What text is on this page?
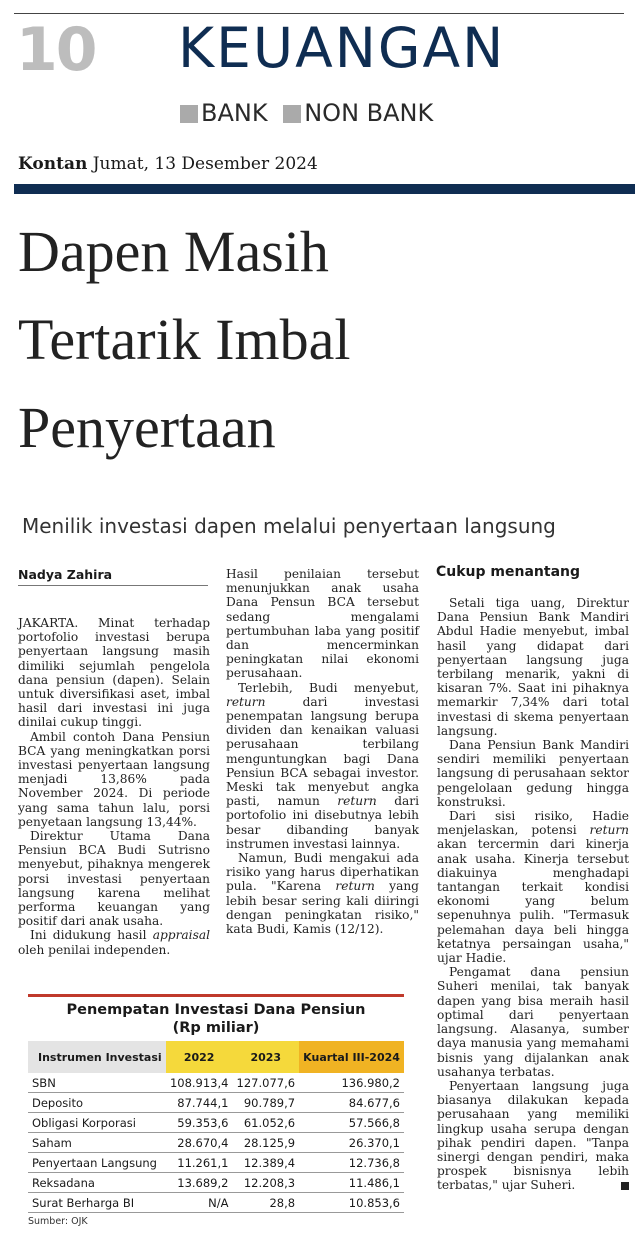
10 KEUANGAN
BANK NON BANK
Kontan Jumat, 13 Desember 2024
Dapen Masih
Tertarik Imbal
Penyertaan
Menilik investasi dapen melalui penyertaan langsung
Nadya Zahira

JAKARTA. Minat terhadap portofolio investasi berupa penyertaan langsung masih dimiliki sejumlah pengelola dana pensiun (dapen). Selain untuk diversifikasi aset, imbal hasil dari investasi ini juga dinilai cukup tinggi.

Ambil contoh Dana Pensiun BCA yang meningkatkan porsi investasi penyertaan langsung menjadi 13,86% pada November 2024. Di periode yang sama tahun lalu, porsi penyetaan langsung 13,44%.

Direktur Utama Dana Pensiun BCA Budi Sutrisno menyebut, pihaknya mengerek porsi investasi penyertaan langsung karena melihat performa keuangan yang positif dari anak usaha.

Ini didukung hasil appraisal oleh penilai independen.

Hasil penilaian tersebut menunjukkan anak usaha Dana Pensun BCA tersebut sedang mengalami pertumbuhan laba yang positif dan mencerminkan peningkatan nilai ekonomi perusahaan.

Terlebih, Budi menyebut, return dari investasi penempatan langsung berupa dividen dan kenaikan valuasi perusahaan terbilang menguntungkan bagi Dana Pensiun BCA sebagai investor. Meski tak menyebut angka pasti, namun return dari portofolio ini disebutnya lebih besar dibanding banyak instrumen investasi lainnya.

Namun, Budi mengakui ada risiko yang harus diperhatikan pula. "Karena return yang lebih besar sering kali diiringi dengan peningkatan risiko," kata Budi, Kamis (12/12).

Cukup menantang

Setali tiga uang, Direktur Dana Pensiun Bank Mandiri Abdul Hadie menyebut, imbal hasil yang didapat dari penyertaan langsung juga terbilang menarik, yakni di kisaran 7%. Saat ini pihaknya memarkir 7,34% dari total investasi di skema penyertaan langsung.

Dana Pensiun Bank Mandiri sendiri memiliki penyertaan langsung di perusahaan sektor pengelolaan gedung hingga konstruksi.

Dari sisi risiko, Hadie menjelaskan, potensi return akan tercermin dari kinerja anak usaha. Kinerja tersebut diakuinya menghadapi tantangan terkait kondisi ekonomi yang belum sepenuhnya pulih. "Termasuk pelemahan daya beli hingga ketatnya persaingan usaha," ujar Hadie.

Pengamat dana pensiun Suheri menilai, tak banyak dapen yang bisa meraih hasil optimal dari penyertaan langsung. Alasanya, sumber daya manusia yang memahami bisnis yang dijalankan anak usahanya terbatas.

Penyertaan langsung juga biasanya dilakukan kepada perusahaan yang memiliki lingkup usaha serupa dengan pihak pendiri dapen. "Tanpa sinergi dengan pendiri, maka prospek bisnisnya lebih terbatas," ujar Suheri.

Penempatan Investasi Dana Pensiun
(Rp miliar)
Instrumen Investasi	2022	2023	Kuartal III-2024
SBN	108.913,4	127.077,6	136.980,2
Deposito	87.744,1	90.789,7	84.677,6
Obligasi Korporasi	59.353,6	61.052,6	57.566,8
Saham	28.670,4	28.125,9	26.370,1
Penyertaan Langsung	11.261,1	12.389,4	12.736,8
Reksadana	13.689,2	12.208,3	11.486,1
Surat Berharga BI	N/A	28,8	10.853,6
Sumber: OJK
